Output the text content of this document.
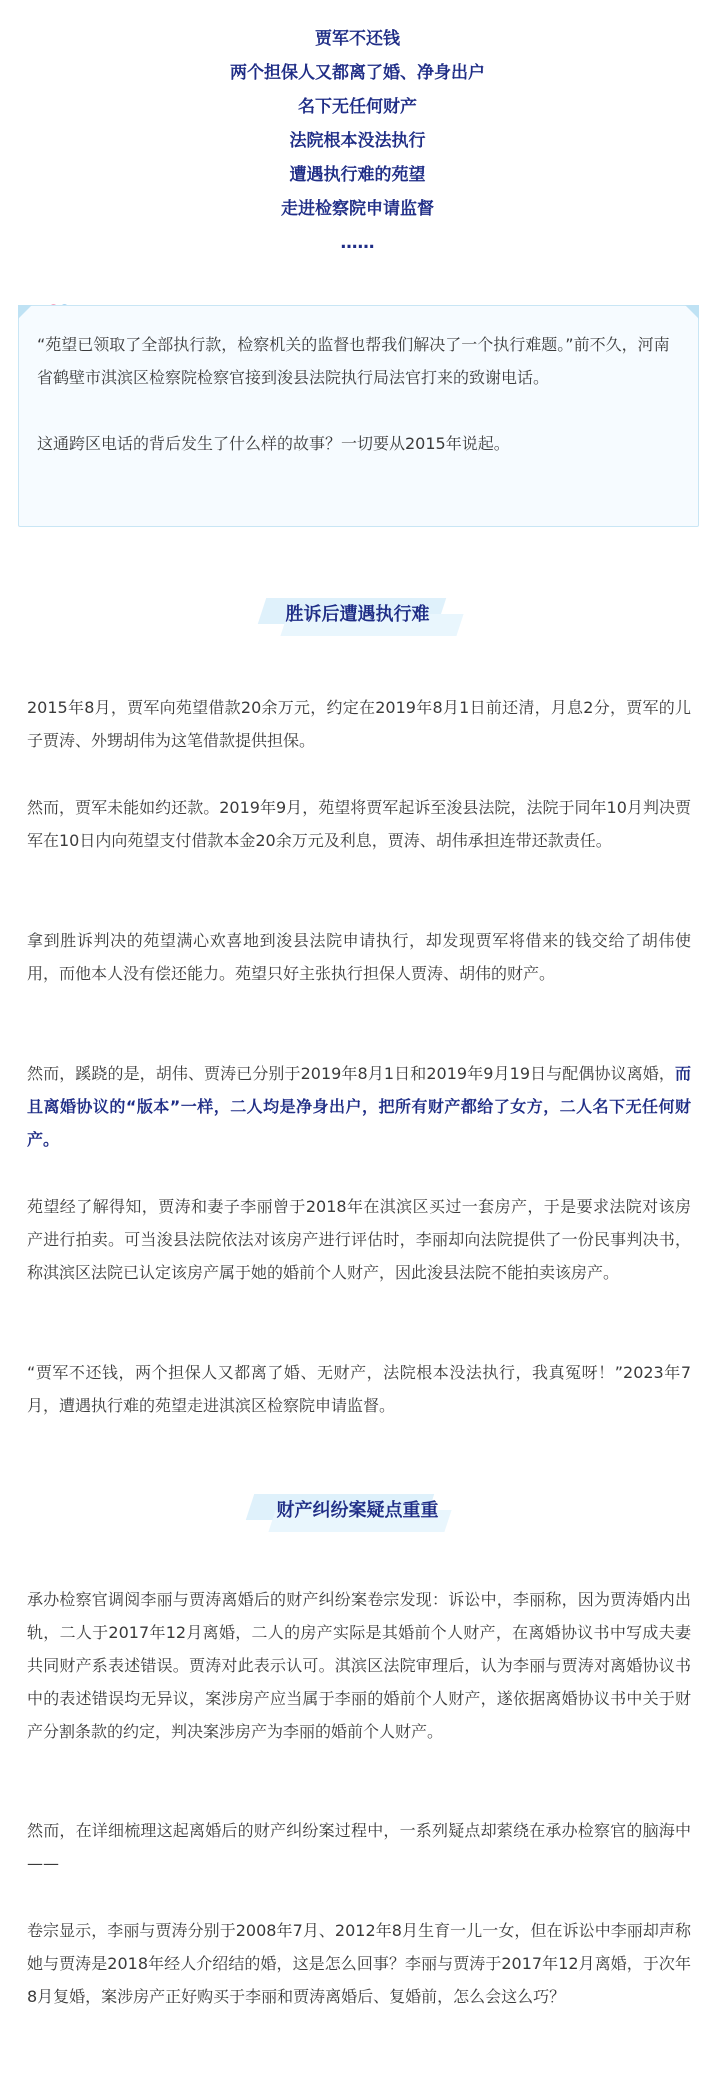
贾军不还钱

两个担保人又都离了婚、净身出户

名下无任何财产

法院根本没法执行

遭遇执行难的苑望

走进检察院申请监督

……

“苑望已领取了全部执行款，检察机关的监督也帮我们解决了一个执行难题。”前不久，河南省鹤壁市淇滨区检察院检察官接到浚县法院执行局法官打来的致谢电话。

这通跨区电话的背后发生了什么样的故事？一切要从2015年说起。

胜诉后遭遇执行难

2015年8月，贾军向苑望借款20余万元，约定在2019年8月1日前还清，月息2分，贾军的儿子贾涛、外甥胡伟为这笔借款提供担保。

然而，贾军未能如约还款。2019年9月，苑望将贾军起诉至浚县法院，法院于同年10月判决贾军在10日内向苑望支付借款本金20余万元及利息，贾涛、胡伟承担连带还款责任。

拿到胜诉判决的苑望满心欢喜地到浚县法院申请执行，却发现贾军将借来的钱交给了胡伟使用，而他本人没有偿还能力。苑望只好主张执行担保人贾涛、胡伟的财产。

然而，蹊跷的是，胡伟、贾涛已分别于2019年8月1日和2019年9月19日与配偶协议离婚，而且离婚协议的“版本”一样，二人均是净身出户，把所有财产都给了女方，二人名下无任何财产。

苑望经了解得知，贾涛和妻子李丽曾于2018年在淇滨区买过一套房产，于是要求法院对该房产进行拍卖。可当浚县法院依法对该房产进行评估时，李丽却向法院提供了一份民事判决书，称淇滨区法院已认定该房产属于她的婚前个人财产，因此浚县法院不能拍卖该房产。

“贾军不还钱，两个担保人又都离了婚、无财产，法院根本没法执行，我真冤呀！”2023年7月，遭遇执行难的苑望走进淇滨区检察院申请监督。

财产纠纷案疑点重重

承办检察官调阅李丽与贾涛离婚后的财产纠纷案卷宗发现：诉讼中，李丽称，因为贾涛婚内出轨，二人于2017年12月离婚，二人的房产实际是其婚前个人财产，在离婚协议书中写成夫妻共同财产系表述错误。贾涛对此表示认可。淇滨区法院审理后，认为李丽与贾涛对离婚协议书中的表述错误均无异议，案涉房产应当属于李丽的婚前个人财产，遂依据离婚协议书中关于财产分割条款的约定，判决案涉房产为李丽的婚前个人财产。

然而，在详细梳理这起离婚后的财产纠纷案过程中，一系列疑点却萦绕在承办检察官的脑海中——

卷宗显示，李丽与贾涛分别于2008年7月、2012年8月生育一儿一女，但在诉讼中李丽却声称她与贾涛是2018年经人介绍结的婚，这是怎么回事？李丽与贾涛于2017年12月离婚，于次年8月复婚，案涉房产正好购买于李丽和贾涛离婚后、复婚前，怎么会这么巧？
